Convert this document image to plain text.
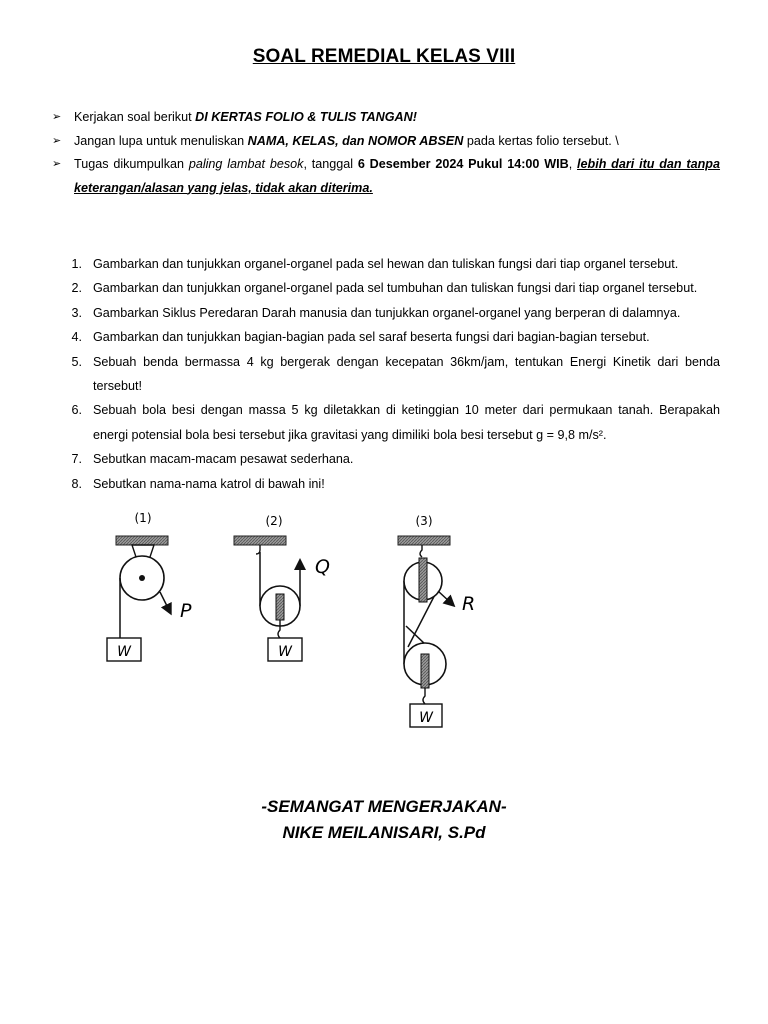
SOAL REMEDIAL KELAS VIII
➢ Kerjakan soal berikut DI KERTAS FOLIO & TULIS TANGAN!
➢ Jangan lupa untuk menuliskan NAMA, KELAS, dan NOMOR ABSEN pada kertas folio tersebut. \
➢ Tugas dikumpulkan paling lambat besok, tanggal 6 Desember 2024 Pukul 14:00 WIB, lebih dari itu dan tanpa keterangan/alasan yang jelas, tidak akan diterima.
1. Gambarkan dan tunjukkan organel-organel pada sel hewan dan tuliskan fungsi dari tiap organel tersebut.
2. Gambarkan dan tunjukkan organel-organel pada sel tumbuhan dan tuliskan fungsi dari tiap organel tersebut.
3. Gambarkan Siklus Peredaran Darah manusia dan tunjukkan organel-organel yang berperan di dalamnya.
4. Gambarkan dan tunjukkan bagian-bagian pada sel saraf beserta fungsi dari bagian-bagian tersebut.
5. Sebuah benda bermassa 4 kg bergerak dengan kecepatan 36km/jam, tentukan Energi Kinetik dari benda tersebut!
6. Sebuah bola besi dengan massa 5 kg diletakkan di ketinggian 10 meter dari permukaan tanah. Berapakah energi potensial bola besi tersebut jika gravitasi yang dimiliki bola besi tersebut g = 9,8 m/s².
7. Sebutkan macam-macam pesawat sederhana.
8. Sebutkan nama-nama katrol di bawah ini!
(1)
P
W
(2)
Q
W
(3)
R
W
-SEMANGAT MENGERJAKAN-
NIKE MEILANISARI, S.Pd
